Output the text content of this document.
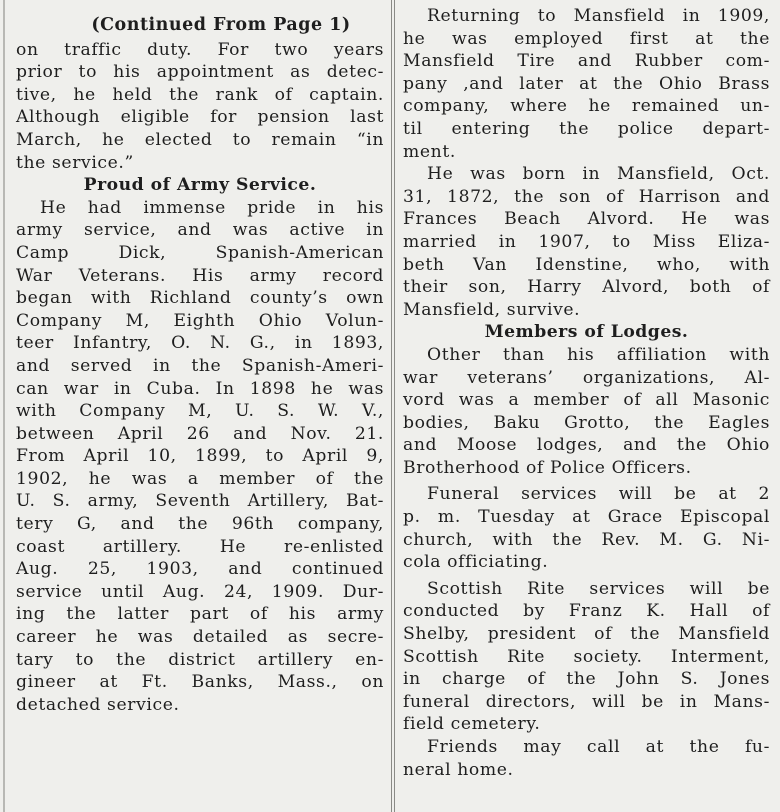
(Continued From Page 1)
on traffic duty. For two years
prior to his appointment as detec-
tive, he held the rank of captain.
Although eligible for pension last
March, he elected to remain “in
the service.”
Proud of Army Service.
He had immense pride in his
army service, and was active in
Camp Dick, Spanish-American
War Veterans. His army record
began with Richland county’s own
Company M, Eighth Ohio Volun-
teer Infantry, O. N. G., in 1893,
and served in the Spanish-Ameri-
can war in Cuba. In 1898 he was
with Company M, U. S. W. V.,
between April 26 and Nov. 21.
From April 10, 1899, to April 9,
1902, he was a member of the
U. S. army, Seventh Artillery, Bat-
tery G, and the 96th company,
coast artillery. He re-enlisted
Aug. 25, 1903, and continued
service until Aug. 24, 1909. Dur-
ing the latter part of his army
career he was detailed as secre-
tary to the district artillery en-
gineer at Ft. Banks, Mass., on
detached service.
Returning to Mansfield in 1909,
he was employed first at the
Mansfield Tire and Rubber com-
pany ,and later at the Ohio Brass
company, where he remained un-
til entering the police depart-
ment.
He was born in Mansfield, Oct.
31, 1872, the son of Harrison and
Frances Beach Alvord. He was
married in 1907, to Miss Eliza-
beth Van Idenstine, who, with
their son, Harry Alvord, both of
Mansfield, survive.
Members of Lodges.
Other than his affiliation with
war veterans’ organizations, Al-
vord was a member of all Masonic
bodies, Baku Grotto, the Eagles
and Moose lodges, and the Ohio
Brotherhood of Police Officers.
Funeral services will be at 2
p. m. Tuesday at Grace Episcopal
church, with the Rev. M. G. Ni-
cola officiating.
Scottish Rite services will be
conducted by Franz K. Hall of
Shelby, president of the Mansfield
Scottish Rite society. Interment,
in charge of the John S. Jones
funeral directors, will be in Mans-
field cemetery.
Friends may call at the fu-
neral home.
